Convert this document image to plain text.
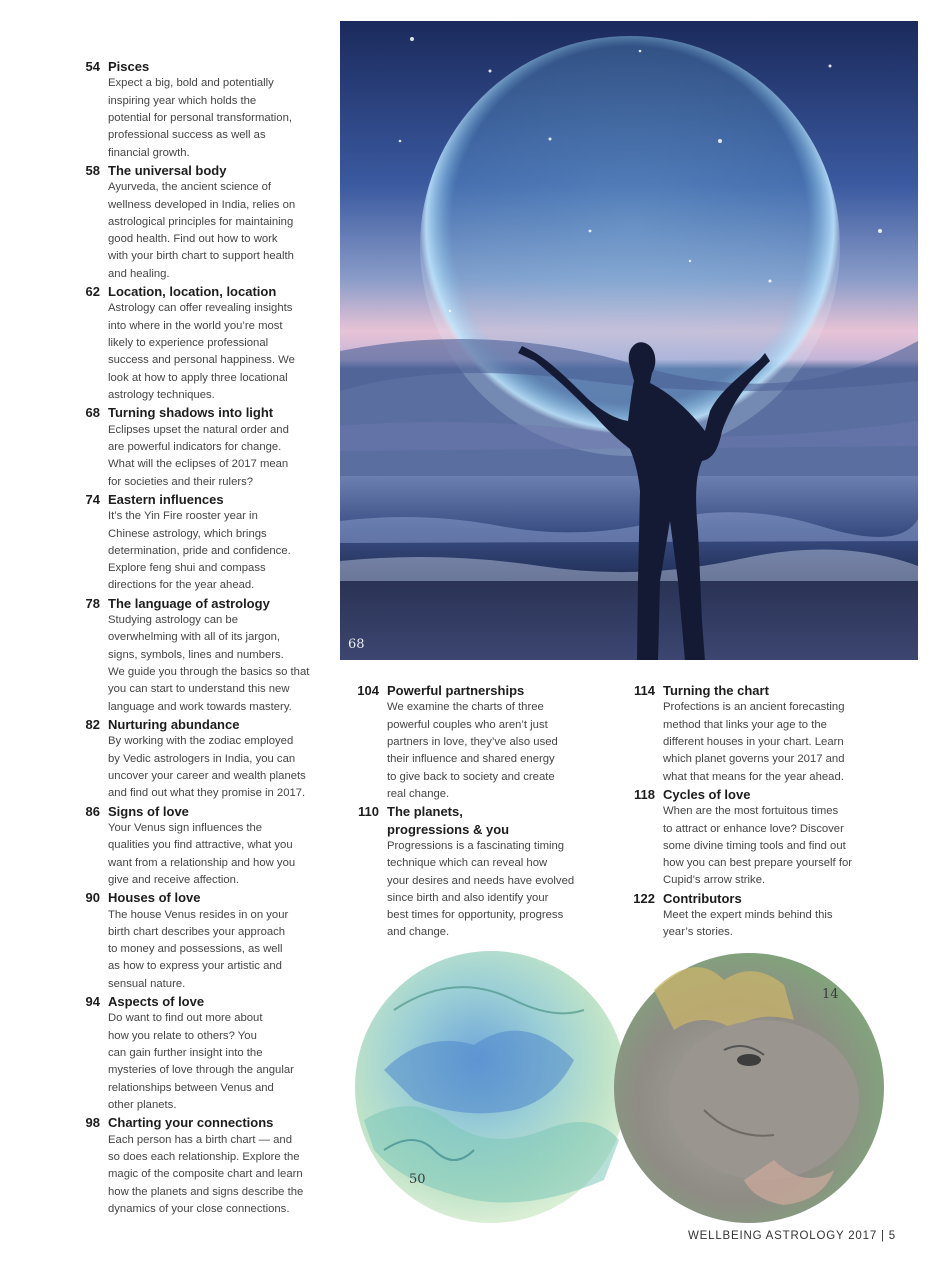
54 Pisces
Expect a big, bold and potentially
inspiring year which holds the
potential for personal transformation,
professional success as well as
financial growth.
58 The universal body
Ayurveda, the ancient science of
wellness developed in India, relies on
astrological principles for maintaining
good health. Find out how to work
with your birth chart to support health
and healing.
62 Location, location, location
Astrology can offer revealing insights
into where in the world you’re most
likely to experience professional
success and personal happiness. We
look at how to apply three locational
astrology techniques.
68 Turning shadows into light
Eclipses upset the natural order and
are powerful indicators for change.
What will the eclipses of 2017 mean
for societies and their rulers?
74 Eastern influences
It’s the Yin Fire rooster year in
Chinese astrology, which brings
determination, pride and confidence.
Explore feng shui and compass
directions for the year ahead.
78 The language of astrology
Studying astrology can be
overwhelming with all of its jargon,
signs, symbols, lines and numbers.
We guide you through the basics so that
you can start to understand this new
language and work towards mastery.
82 Nurturing abundance
By working with the zodiac employed
by Vedic astrologers in India, you can
uncover your career and wealth planets
and find out what they promise in 2017.
86 Signs of love
Your Venus sign influences the
qualities you find attractive, what you
want from a relationship and how you
give and receive affection.
90 Houses of love
The house Venus resides in on your
birth chart describes your approach
to money and possessions, as well
as how to express your artistic and
sensual nature.
94 Aspects of love
Do want to find out more about
how you relate to others? You
can gain further insight into the
mysteries of love through the angular
relationships between Venus and
other planets.
98 Charting your connections
Each person has a birth chart — and
so does each relationship. Explore the
magic of the composite chart and learn
how the planets and signs describe the
dynamics of your close connections.
68
104 Powerful partnerships
We examine the charts of three
powerful couples who aren’t just
partners in love, they’ve also used
their influence and shared energy
to give back to society and create
real change.
110 The planets,
progressions & you
Progressions is a fascinating timing
technique which can reveal how
your desires and needs have evolved
since birth and also identify your
best times for opportunity, progress
and change.
114 Turning the chart
Profections is an ancient forecasting
method that links your age to the
different houses in your chart. Learn
which planet governs your 2017 and
what that means for the year ahead.
118 Cycles of love
When are the most fortuitous times
to attract or enhance love? Discover
some divine timing tools and find out
how you can best prepare yourself for
Cupid’s arrow strike.
122 Contributors
Meet the expert minds behind this
year’s stories.
50
14
WELLBEING ASTROLOGY 2017 | 5
